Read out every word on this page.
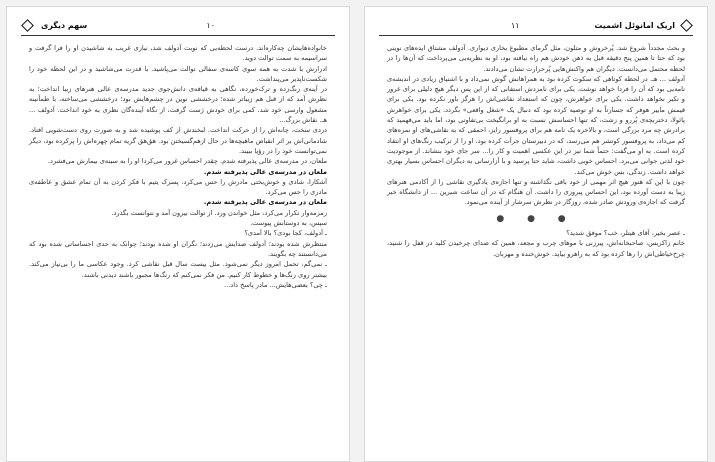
سهم دیگری	۱۰

خانواده‌هایشان چه‌کاره‌اند. درست لحظه‌یی که نوبت آدولف شد، نیازی غریب به شاشیدن او را فرا گرفت و سراسیمه به سمت توالت دوید.

ادرارش با شدت به همه سوی کاسه‌ی سفالی توالت می‌پاشید. با قدرت می‌شاشید و در این لحظه خود را شکست‌ناپذیر می‌پنداشت.

در آینه‌ی زنگ‌زده و ترک‌خورده، نگاهی به قیافه‌ی دانش‌جوی جدید مدرسه‌ی عالی هنرهای زیبا انداخت؛ به نظرش آمد که از قبل هم زیباتر شده؛ درخششی نوین در چشم‌هایش بود؛ درخششی می‌ساخته، با طمأنینه مشغول وارسی خود شد. کمی برای خودش ژست گرفت، از نگاه آینده‌گان نظری به خود انداخت. آدولف ... هـ. نقاش بزرگ...

دردی سخت، چانه‌اش را از حرکت انداخت. لبخندش از کف پوشیده شد و به صورت روی دست‌شویی افتاد. شادمانی‌اش بر اثر انقباض ماهیچه‌ها در حال ازهم‌گسیختن بود. هق‌هق‌ گریه تمام چهره‌اش را پرکرده بود، دیگر نمی‌توانست خود را در رؤیا ببیند.

ملعان، در مدرسه‌ی عالی پذیرفته شدم. چقدر احساس غرور می‌کردا او را به سینه‌ی بیمارش می‌فشرد.

ملعان در مدرسه‌ی عالی پذیرفته شدم.

آشکارا، شادی و خوش‌بختی مادرش را حس می‌کرد. پسرک یتیم با فکر کردن به آن تمام عشق و عاطفه‌ی مادری را حس می‌کرد.

ملعان در مدرسه‌ی عالی پذیرفته شدم.

زمزمه‌وار تکرار می‌کرد، مثل خواندن ورد. از توالت بیرون آمد و نتوانست بگذرد.

سپس، به دوستانش پیوست.

ـ آدولف، کجا بودی؟ بالا آمدی؟

منتظرش شده بودند؛ آدولف صدایش می‌زدند؛ نگران او شده بودند؛ چوانک به حدی احساساتی شده بود که می‌دانستند چه بگویند.

ـ نمی‌گم، تحمل امروز دیگر نمی‌شود. مثل بیست سال قبل نقاشی کرد. وجود عکاسی ما را بی‌نیاز می‌کند. بیشتر روی رنگ‌ها و خطوط کار کنیم. من فکر نمی‌کنم که رنگ‌ها مجبور باشند دیدنی باشند.

ـ چی؟ بعضی‌هایش... مادر پاسخ داد...

۱۱	اریک امانوئل اشمیت

و بحث مجدداً شروع شد. پُرخروش و متلون، مثل گرمای مطبوع بخاری دیواری. آدولف مشتاق ایده‌های نوینی بود که حتا تا همین پنج دقیقه قبل به ذهن خودش هم راه نیافته بود، او به نظریه‌یی می‌پرداخت که آن‌ها را در لحظه محتمل می‌دانست. دیگران هم واکنش‌هایی پُرحرارت نشان می‌دادند.

آدولف ... هـ. در لحظه کوتاهی که سکوت کرده بود به همراهانش گوش نمی‌داد و با اشتیاق زیادی در اندیشه‌ی نامه‌یی بود که آن را فردا خواهد نوشت. یکی برای نامزدش استفانی که از این پس دیگر هیچ دلیلی برای غرور و تکبر نخواهد داشت. یکی برای خواهرش، چون که استعداد نقاشی‌اش را هرگز باور نکرده بود. یکی برای قیمش ماییر هوفر که جسارتاً به او توصیه کرده بود که دنبال یک «شغل واقعی» بگردد. یکی برای خواهرش پائولا، دختربچه‌ی پُررو و زشت، که تنها احساسش نسبت به او برانگیخت بی‌تفاوتی بود، اما باید می‌فهمید که برادرش چه مرد بزرگی است، و بالاخره یک نامه هم برای پروفسور رایز، احمقی که به نقاشی‌های او نمره‌های کم می‌داد، به پروفسور کوتشر هم می‌رسد، که در دبیرستان جرأت کرده بود، او را از ترکیب رنگ‌های او انتقاد کرده است. به او می‌گفت: حتماً شما نیز در این عکسی اهمیت و کار را... سر جای خود بنشاند. از موجودیت خود لذتی جوانی می‌برد. احساس خوبی داشت، شاید حتا پرسید و با آزارسانی به دیگران احساس بسیار بهتری خواهد داشت. زندگی، بس خوش می‌کند.

چون با این که هنوز هیچ اثر مهمی از خود باقی نگذاشته و تنها اجازه‌ی یادگیری نقاشی را از آکادمی هنرهای زیبا به دست آورده بود، این احساس پیروزی را داشت. آن هنگام که در آن ساعت شیرین ... از دانشگاه خبر گرفت که اجازه‌ی ورودش صادر شده، روزگار در نظرش سرشار از آینده می‌نمود.

● ● ●

ـ عصر بخیر، آقای هیتلر، خب؟ موفق شدید؟

خانم زاکریس، صاحبخانه‌اش، پیرزنی با موهای چرب و مجعد، همین که صدای چرخیدن کلید در قفل را شنید، چرخ‌خیاطی‌اش را رها کرده بود که به راهرو بیاید. خوش‌خنده و مهربان.
